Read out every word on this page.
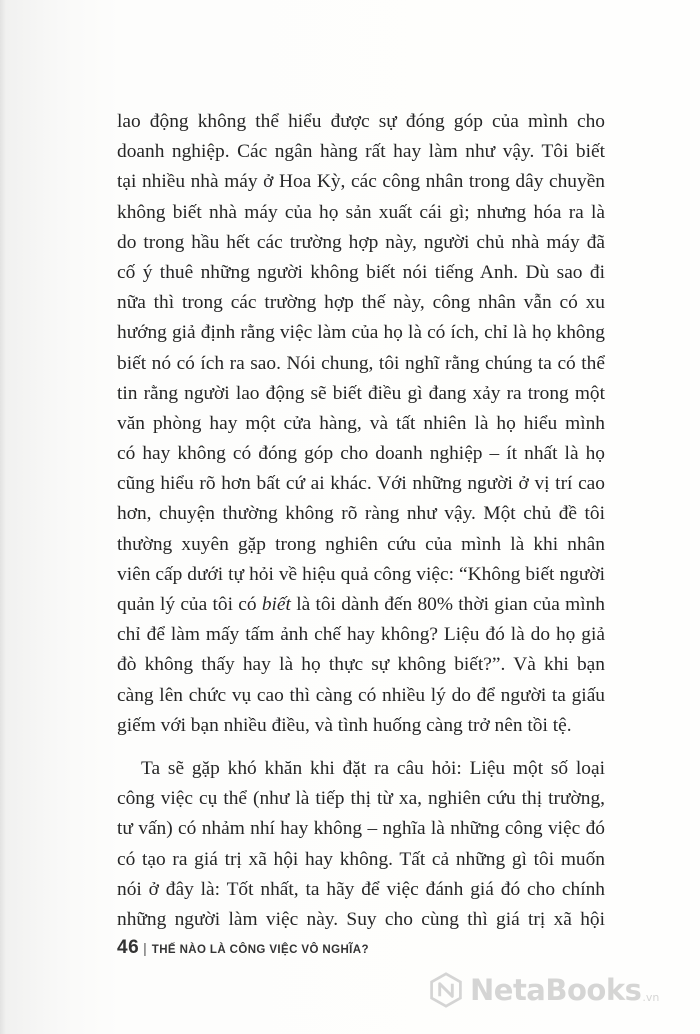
lao động không thể hiểu được sự đóng góp của mình cho
doanh nghiệp. Các ngân hàng rất hay làm như vậy. Tôi biết
tại nhiều nhà máy ở Hoa Kỳ, các công nhân trong dây chuyền
không biết nhà máy của họ sản xuất cái gì; nhưng hóa ra là
do trong hầu hết các trường hợp này, người chủ nhà máy đã
cố ý thuê những người không biết nói tiếng Anh. Dù sao đi
nữa thì trong các trường hợp thế này, công nhân vẫn có xu
hướng giả định rằng việc làm của họ là có ích, chỉ là họ không
biết nó có ích ra sao. Nói chung, tôi nghĩ rằng chúng ta có thể
tin rằng người lao động sẽ biết điều gì đang xảy ra trong một
văn phòng hay một cửa hàng, và tất nhiên là họ hiểu mình
có hay không có đóng góp cho doanh nghiệp – ít nhất là họ
cũng hiểu rõ hơn bất cứ ai khác. Với những người ở vị trí cao
hơn, chuyện thường không rõ ràng như vậy. Một chủ đề tôi
thường xuyên gặp trong nghiên cứu của mình là khi nhân
viên cấp dưới tự hỏi về hiệu quả công việc: “Không biết người
quản lý của tôi có biết là tôi dành đến 80% thời gian của mình
chỉ để làm mấy tấm ảnh chế hay không? Liệu đó là do họ giả
đò không thấy hay là họ thực sự không biết?”. Và khi bạn
càng lên chức vụ cao thì càng có nhiều lý do để người ta giấu
giếm với bạn nhiều điều, và tình huống càng trở nên tồi tệ.
Ta sẽ gặp khó khăn khi đặt ra câu hỏi: Liệu một số loại
công việc cụ thể (như là tiếp thị từ xa, nghiên cứu thị trường,
tư vấn) có nhảm nhí hay không – nghĩa là những công việc đó
có tạo ra giá trị xã hội hay không. Tất cả những gì tôi muốn
nói ở đây là: Tốt nhất, ta hãy để việc đánh giá đó cho chính
những người làm việc này. Suy cho cùng thì giá trị xã hội
46 | THẾ NÀO LÀ CÔNG VIỆC VÔ NGHĨA?
NetaBooks .vn
